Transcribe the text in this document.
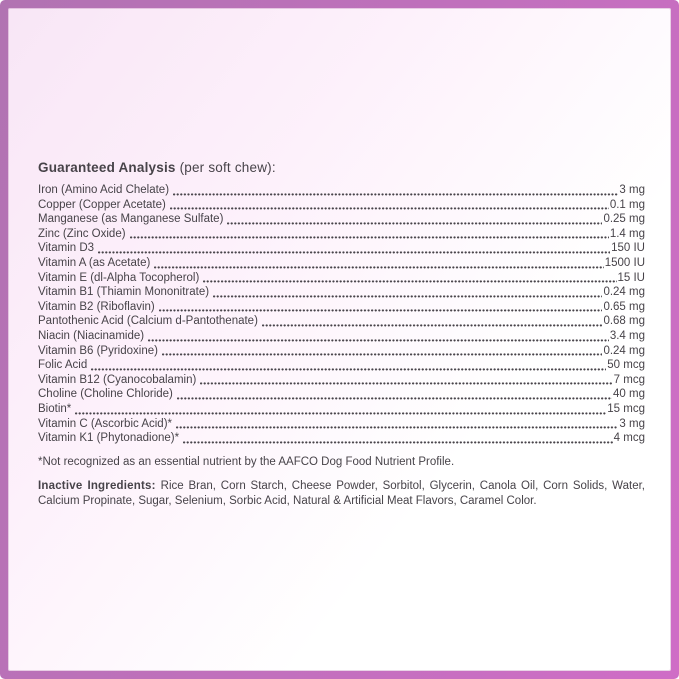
Guaranteed Analysis (per soft chew):
Iron (Amino Acid Chelate)	3 mg
Copper (Copper Acetate)	0.1 mg
Manganese (as Manganese Sulfate)	0.25 mg
Zinc (Zinc Oxide)	1.4 mg
Vitamin D3	150 IU
Vitamin A (as Acetate)	1500 IU
Vitamin E (dl-Alpha Tocopherol)	15 IU
Vitamin B1 (Thiamin Mononitrate)	0.24 mg
Vitamin B2 (Riboflavin)	0.65 mg
Pantothenic Acid (Calcium d-Pantothenate)	0.68 mg
Niacin (Niacinamide)	3.4 mg
Vitamin B6 (Pyridoxine)	0.24 mg
Folic Acid	50 mcg
Vitamin B12 (Cyanocobalamin)	7 mcg
Choline (Choline Chloride)	40 mg
Biotin*	15 mcg
Vitamin C (Ascorbic Acid)*	3 mg
Vitamin K1 (Phytonadione)*	4 mcg
*Not recognized as an essential nutrient by the AAFCO Dog Food Nutrient Profile.

Inactive Ingredients: Rice Bran, Corn Starch, Cheese Powder, Sorbitol, Glycerin, Canola Oil, Corn Solids, Water, Calcium Propinate, Sugar, Selenium, Sorbic Acid, Natural & Artificial Meat Flavors, Caramel Color.
